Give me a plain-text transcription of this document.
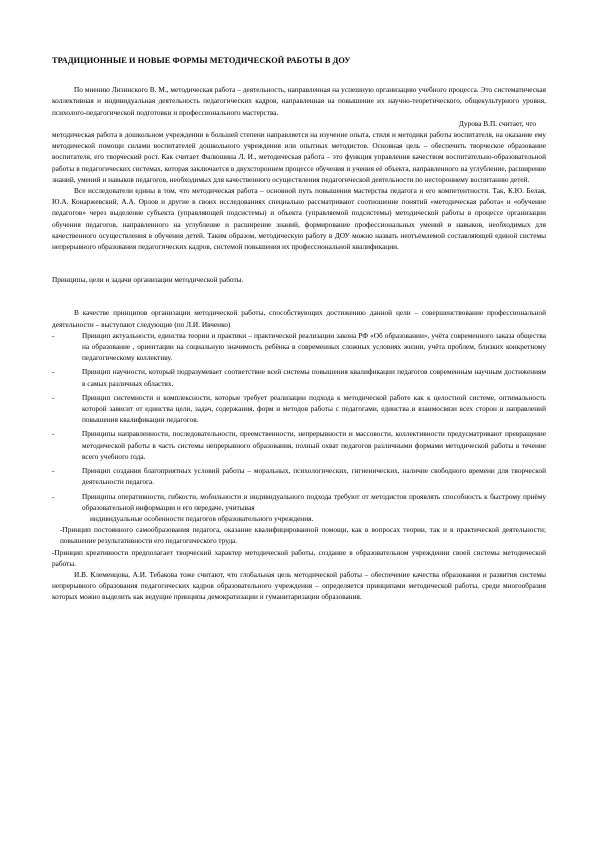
ТРАДИЦИОННЫЕ И НОВЫЕ ФОРМЫ МЕТОДИЧЕСКОЙ РАБОТЫ В ДОУ

По мнению Лизинского В. М., методическая работа – деятельность, направленная на успешную организацию учебного процесса. Это систематическая коллективная и индивидуальная деятельность педагогических кадров, направленная на повышение их научно-теоретического, общекультурного уровня, психолого-педагогической подготовки и профессионального мастерства.

Дурова В.П. считает, что

методическая работа в дошкольном учреждении в большей степени направляется на изучение опыта, стиля и методики работы воспитателя, на оказание ему методической помощи силами воспитателей дошкольного учреждения или опытных методистов. Основная цель – обеспечить творческое образование воспитателя, его творческий рост. Как считает Фалюшина Л. И., методическая работа – это функция управления качеством воспитательно-образовательной работы в педагогических системах, которая заключается в двухстороннем процессе обучения и учения её объекта, направленного на углубление, расширение знаний, умений и навыков педагогов, необходимых для качественного осуществления педагогической деятельности по нестороннему воспитанию детей.

Все исследователи едины в том, что методическая работа – основной путь повышения мастерства педагога и его компетентности. Так, К.Ю. Белая, Ю.А. Конаржевский, А.А. Орлов и другие в своих исследованиях специально рассматривают соотношение понятий «методическая работа» и «обучение педагогов» через выделение субъекта (управляющей подсистемы) и объекта (управляемой подсистемы) методической работы в процессе организации обучения педагогов, направленного на углубление и расширение знаний, формирование профессиональных умений и навыков, необходимых для качественного осуществления в обучения детей. Таким образом, методическую работу в ДОУ можно назвать неотъемлемой составляющей единой системы непрерывного образования педагогических кадров, системой повышения их профессиональной квалификации.

Принципы, цели и задачи организации методической работы.

В качестве принципов организации методической работы, способствующих достижению данной цели – совершенствование профессиональной деятельности – выступают следующие (по Л.И. Ивченко)

-	Принцип актуальности, единства теории и практики – практической реализации закона РФ «Об образовании», учёта современного заказа общества на образование , ориентации на социальную значимость ребёнка в современных сложных условиях жизни, учёта проблем, близких конкретному педагогическому коллективу.
-	Принцип научности, который подразумевает соответствие всей системы повышения квалификации педагогов современным научным достижениям в самых различных областях.
-	Принцип системности и комплексности, которые требует реализации подхода к методической работе как к целостной системе, оптимальность которой зависит от единства цели, задач, содержания, форм и методов работы с педагогами, единства и взаимосвязи всех сторон и направлений повышения квалификации педагогов.
-	Принципы направленности, последовательности, преемственности, непрерывности и массовости, коллективности предусматривают превращение методической работы в часть системы непрерывного образования, полный охват педагогов различными формами методической работы в течение всего учебного года.
-	Принцип создания благоприятных условий работы – моральных, психологических, гигиенических, наличие свободного времени для творческой деятельности педагога.
-	Принципы оперативности, гибкости, мобильности и индивидуального подхода требуют от методистов проявлять способность к быстрому приёму образовательной информации и его передаче, учитывая
индивидуальные особенности педагогов образовательного учреждения.

-Принцип постоянного самообразования педагога, оказание квалифицированной помощи, как в вопросах теории, так и в практической деятельности; повышение результативности его педагогического труда.

-Принцип креативности предполагает творческий характер методической работы, создание в образовательном учреждении своей системы методической работы.

И.В. Клеменцова, А.И. Тебакова тоже считают, что глобальная цель методической работы – обеспечение качества образования и развития системы непрерывного образования педагогических кадров образовательного учреждения – определяется принципами методической работы, среди многообразия которых можно выделить как ведущие принципы демократизации и гуманитаризации образования.
